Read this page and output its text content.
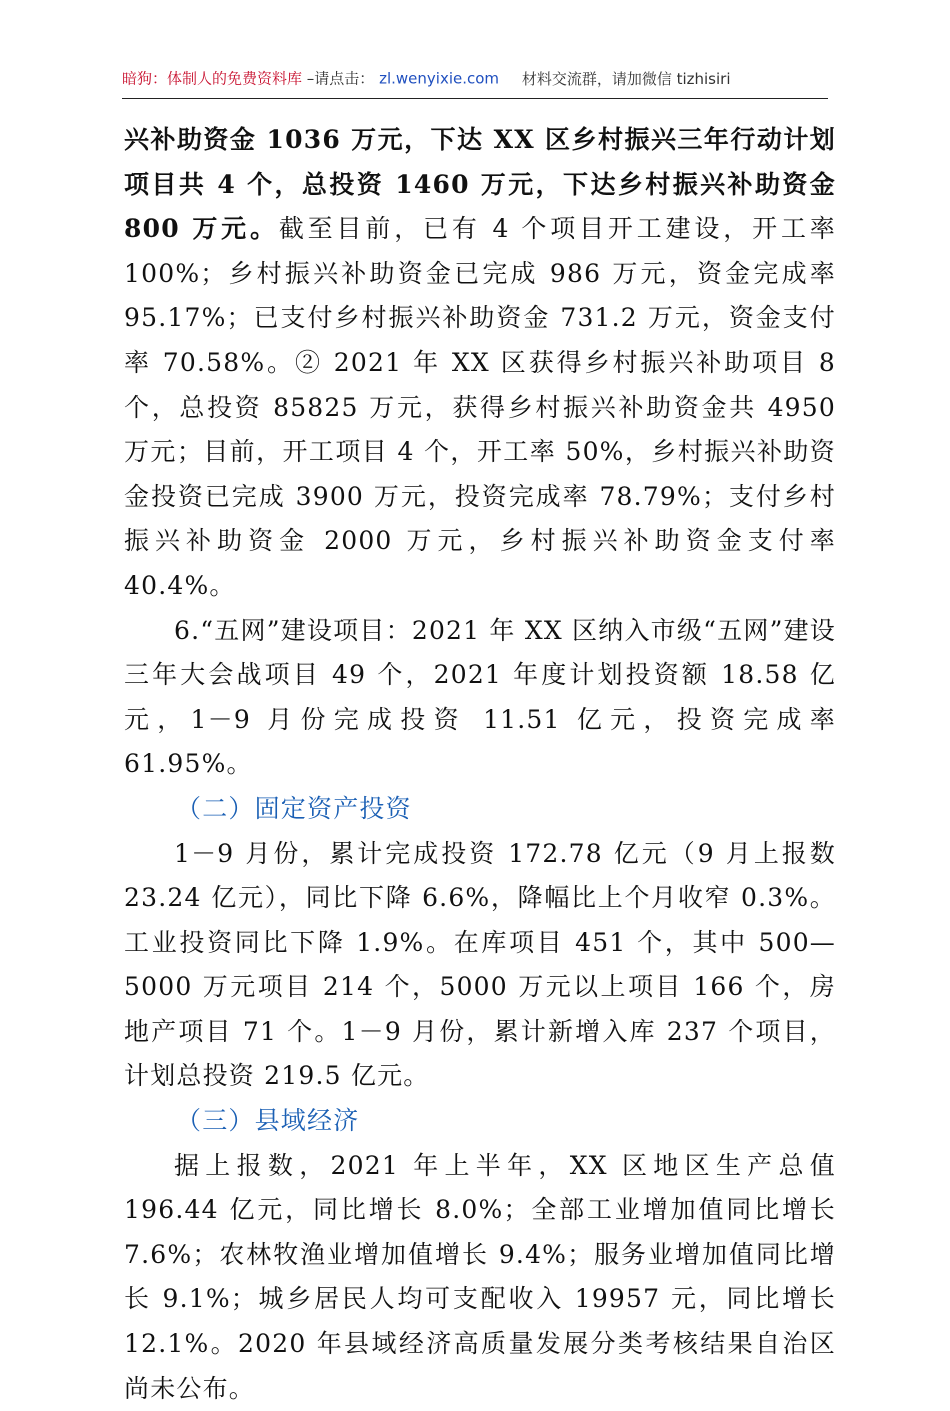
暗狗：体制人的免费资料库 –请点击： zl.wenyixie.com 材料交流群，请加微信 tizhisiri

兴补助资金 1036 万元，下达 XX 区乡村振兴三年行动计划项目共 4 个，总投资 1460 万元，下达乡村振兴补助资金 800 万元。截至目前，已有 4 个项目开工建设，开工率 100%；乡村振兴补助资金已完成 986 万元，资金完成率 95.17%；已支付乡村振兴补助资金 731.2 万元，资金支付率 70.58%。② 2021 年 XX 区获得乡村振兴补助项目 8 个，总投资 85825 万元，获得乡村振兴补助资金共 4950 万元；目前，开工项目 4 个，开工率 50%，乡村振兴补助资金投资已完成 3900 万元，投资完成率 78.79%；支付乡村振兴补助资金 2000 万元，乡村振兴补助资金支付率 40.4%。

6.“五网”建设项目：2021 年 XX 区纳入市级“五网”建设三年大会战项目 49 个，2021 年度计划投资额 18.58 亿元，1－9 月份完成投资 11.51 亿元，投资完成率 61.95%。

（二）固定资产投资

1－9 月份，累计完成投资 172.78 亿元（9 月上报数 23.24 亿元），同比下降 6.6%，降幅比上个月收窄 0.3%。工业投资同比下降 1.9%。在库项目 451 个，其中 500—5000 万元项目 214 个，5000 万元以上项目 166 个，房地产项目 71 个。1－9 月份，累计新增入库 237 个项目，计划总投资 219.5 亿元。

（三）县域经济

据上报数，2021 年上半年，XX 区地区生产总值 196.44 亿元，同比增长 8.0%；全部工业增加值同比增长 7.6%；农林牧渔业增加值增长 9.4%；服务业增加值同比增长 9.1%；城乡居民人均可支配收入 19957 元，同比增长 12.1%。2020 年县域经济高质量发展分类考核结果自治区尚未公布。
